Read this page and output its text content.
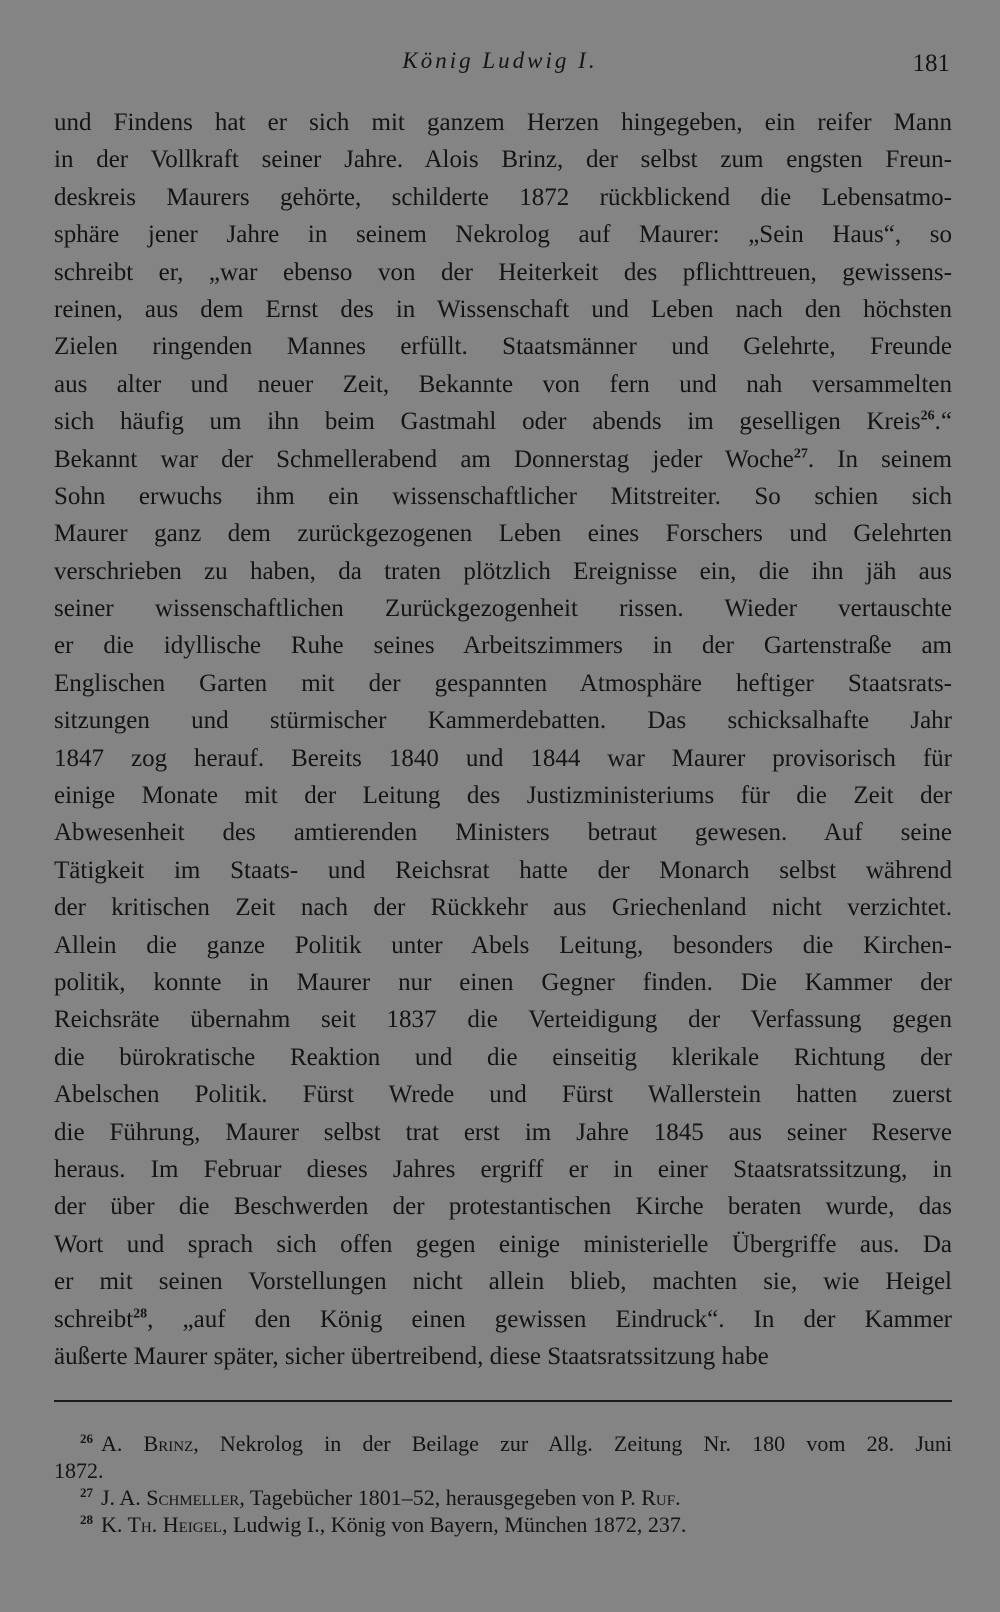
König Ludwig I.	181
und Findens hat er sich mit ganzem Herzen hingegeben, ein reifer Mann
in der Vollkraft seiner Jahre. Alois Brinz, der selbst zum engsten Freun-
deskreis Maurers gehörte, schilderte 1872 rückblickend die Lebensatmo-
sphäre jener Jahre in seinem Nekrolog auf Maurer: „Sein Haus“, so
schreibt er, „war ebenso von der Heiterkeit des pflichttreuen, gewissens-
reinen, aus dem Ernst des in Wissenschaft und Leben nach den höchsten
Zielen ringenden Mannes erfüllt. Staatsmänner und Gelehrte, Freunde
aus alter und neuer Zeit, Bekannte von fern und nah versammelten
sich häufig um ihn beim Gastmahl oder abends im geselligen Kreis$^{26}$.“
Bekannt war der Schmellerabend am Donnerstag jeder Woche$^{27}$. In seinem
Sohn erwuchs ihm ein wissenschaftlicher Mitstreiter. So schien sich
Maurer ganz dem zurückgezogenen Leben eines Forschers und Gelehrten
verschrieben zu haben, da traten plötzlich Ereignisse ein, die ihn jäh aus
seiner wissenschaftlichen Zurückgezogenheit rissen. Wieder vertauschte
er die idyllische Ruhe seines Arbeitszimmers in der Gartenstraße am
Englischen Garten mit der gespannten Atmosphäre heftiger Staatsrats-
sitzungen und stürmischer Kammerdebatten. Das schicksalhafte Jahr
1847 zog herauf. Bereits 1840 und 1844 war Maurer provisorisch für
einige Monate mit der Leitung des Justizministeriums für die Zeit der
Abwesenheit des amtierenden Ministers betraut gewesen. Auf seine
Tätigkeit im Staats- und Reichsrat hatte der Monarch selbst während
der kritischen Zeit nach der Rückkehr aus Griechenland nicht verzichtet.
Allein die ganze Politik unter Abels Leitung, besonders die Kirchen-
politik, konnte in Maurer nur einen Gegner finden. Die Kammer der
Reichsräte übernahm seit 1837 die Verteidigung der Verfassung gegen
die bürokratische Reaktion und die einseitig klerikale Richtung der
Abelschen Politik. Fürst Wrede und Fürst Wallerstein hatten zuerst
die Führung, Maurer selbst trat erst im Jahre 1845 aus seiner Reserve
heraus. Im Februar dieses Jahres ergriff er in einer Staatsratssitzung, in
der über die Beschwerden der protestantischen Kirche beraten wurde, das
Wort und sprach sich offen gegen einige ministerielle Übergriffe aus. Da
er mit seinen Vorstellungen nicht allein blieb, machten sie, wie Heigel
schreibt$^{28}$, „auf den König einen gewissen Eindruck“. In der Kammer
äußerte Maurer später, sicher übertreibend, diese Staatsratssitzung habe
$^{26}$ A. Brinz, Nekrolog in der Beilage zur Allg. Zeitung Nr. 180 vom 28. Juni
1872.
$^{27}$ J. A. Schmeller, Tagebücher 1801–52, herausgegeben von P. Ruf.
$^{28}$ K. Th. Heigel, Ludwig I., König von Bayern, München 1872, 237.
